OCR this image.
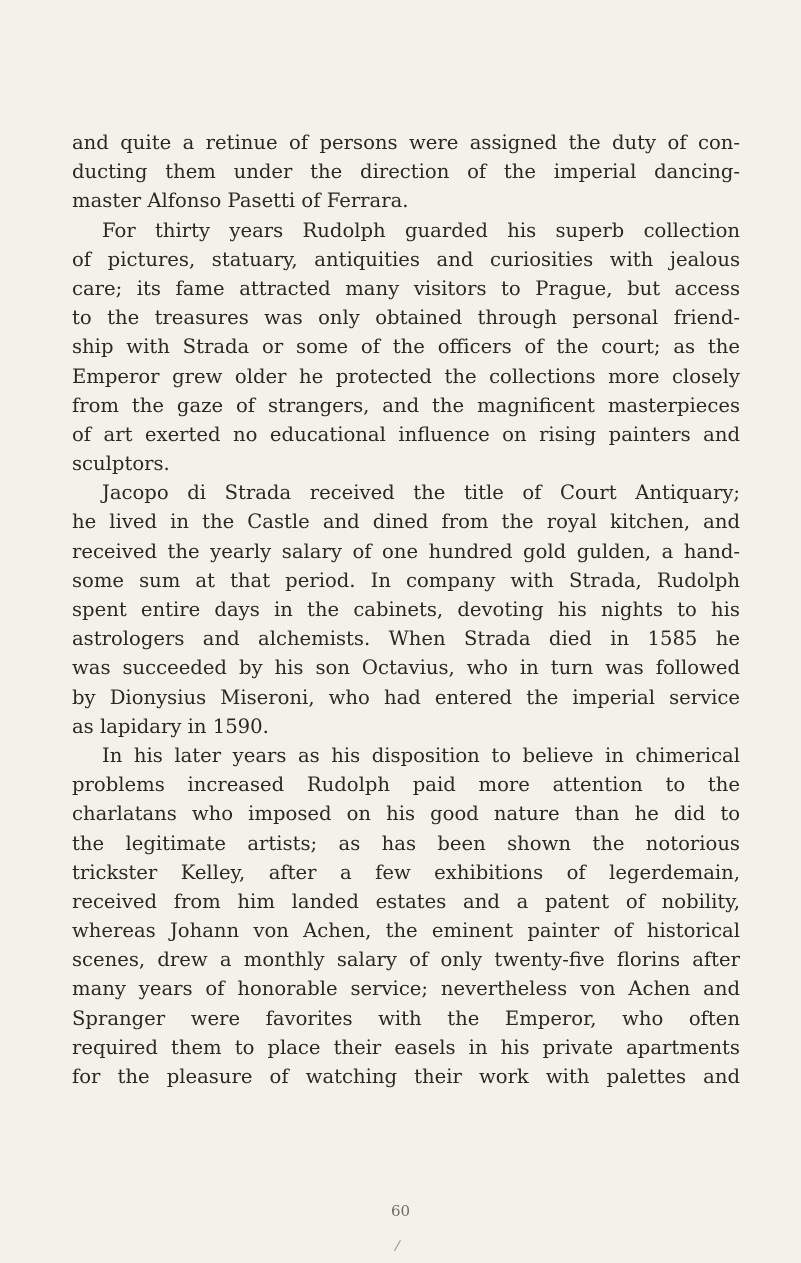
and quite a retinue of persons were assigned the duty of con-
ducting them under the direction of the imperial dancing-
master Alfonso Pasetti of Ferrara.
For thirty years Rudolph guarded his superb collection
of pictures, statuary, antiquities and curiosities with jealous
care; its fame attracted many visitors to Prague, but access
to the treasures was only obtained through personal friend-
ship with Strada or some of the officers of the court; as the
Emperor grew older he protected the collections more closely
from the gaze of strangers, and the magnificent masterpieces
of art exerted no educational influence on rising painters and
sculptors.
Jacopo di Strada received the title of Court Antiquary;
he lived in the Castle and dined from the royal kitchen, and
received the yearly salary of one hundred gold gulden, a hand-
some sum at that period. In company with Strada, Rudolph
spent entire days in the cabinets, devoting his nights to his
astrologers and alchemists. When Strada died in 1585 he
was succeeded by his son Octavius, who in turn was followed
by Dionysius Miseroni, who had entered the imperial service
as lapidary in 1590.
In his later years as his disposition to believe in chimerical
problems increased Rudolph paid more attention to the
charlatans who imposed on his good nature than he did to
the legitimate artists; as has been shown the notorious
trickster Kelley, after a few exhibitions of legerdemain,
received from him landed estates and a patent of nobility,
whereas Johann von Achen, the eminent painter of historical
scenes, drew a monthly salary of only twenty-five florins after
many years of honorable service; nevertheless von Achen and
Spranger were favorites with the Emperor, who often
required them to place their easels in his private apartments
for the pleasure of watching their work with palettes and
60
/
